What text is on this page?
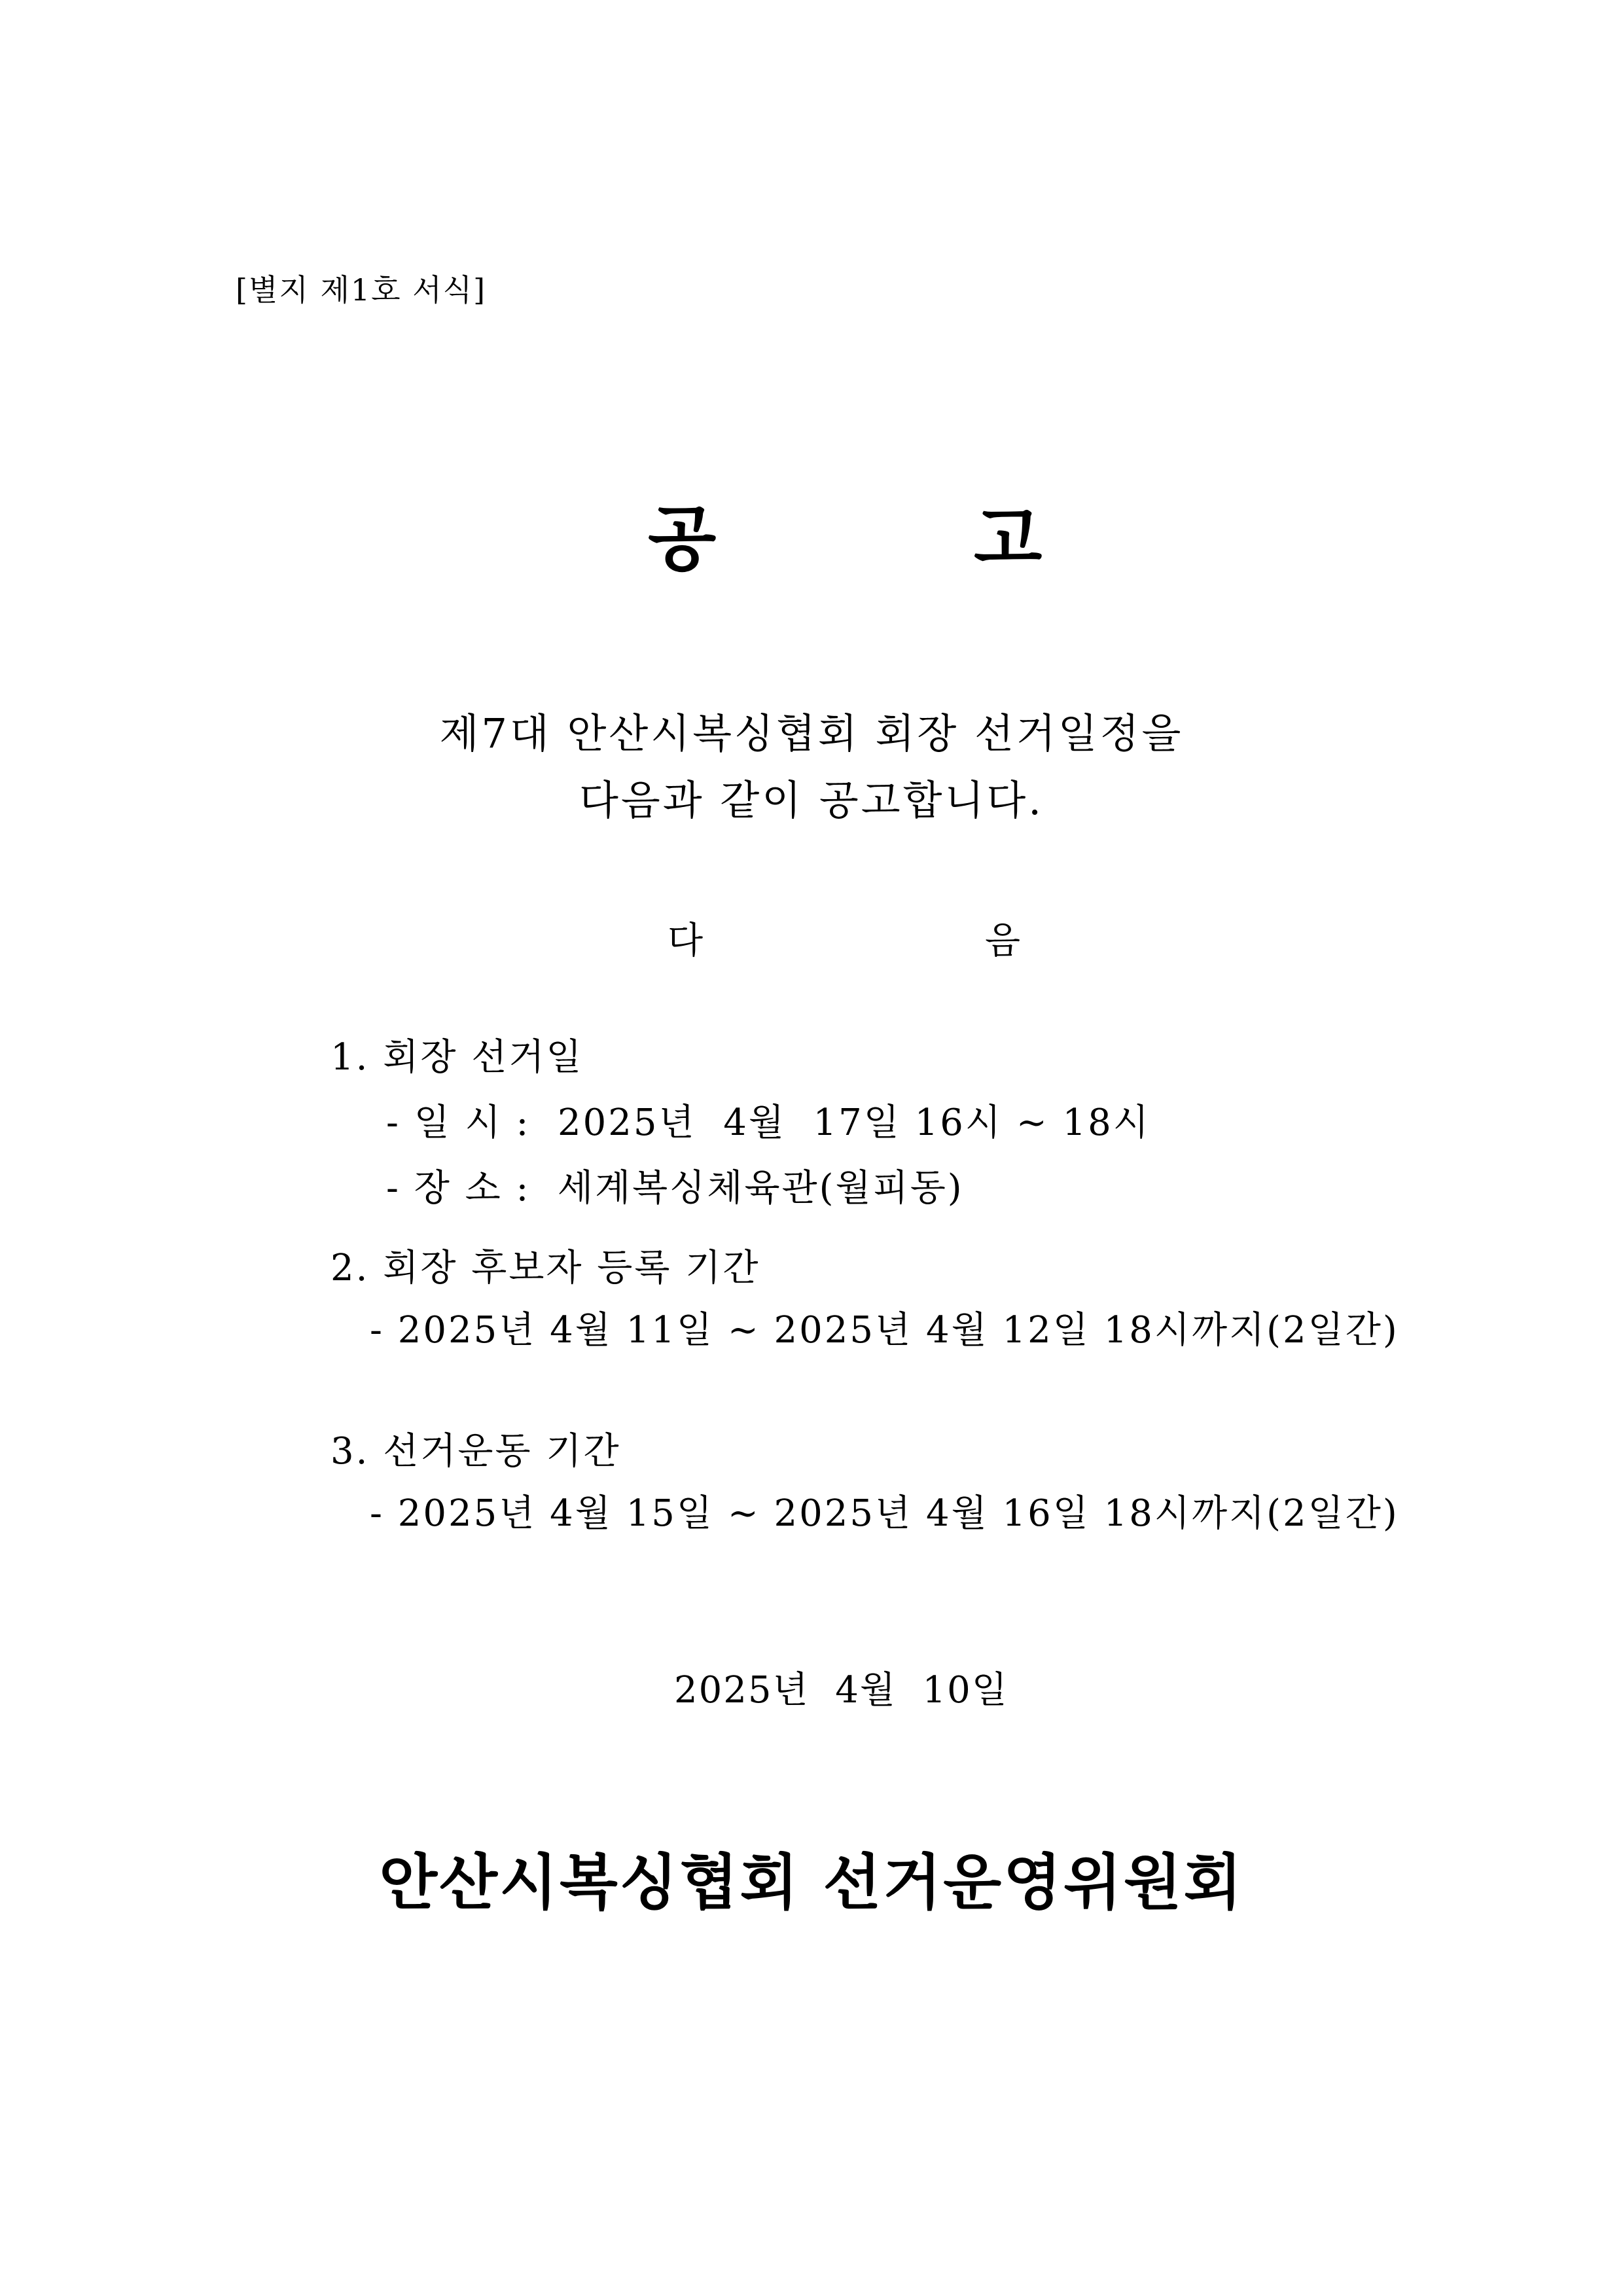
[별지 제1호 서식]
공	고
제7대 안산시복싱협회 회장 선거일정을
다음과 같이 공고합니다.
다	음
1. 회장 선거일
- 일 시 :  2025년  4월  17일 16시 ~ 18시
- 장 소 :  세계복싱체육관(월피동)
2. 회장 후보자 등록 기간
- 2025년 4월 11일 ~ 2025년 4월 12일 18시까지(2일간)
3. 선거운동 기간
- 2025년 4월 15일 ~ 2025년 4월 16일 18시까지(2일간)
2025년  4월  10일
안산시복싱협회 선거운영위원회
